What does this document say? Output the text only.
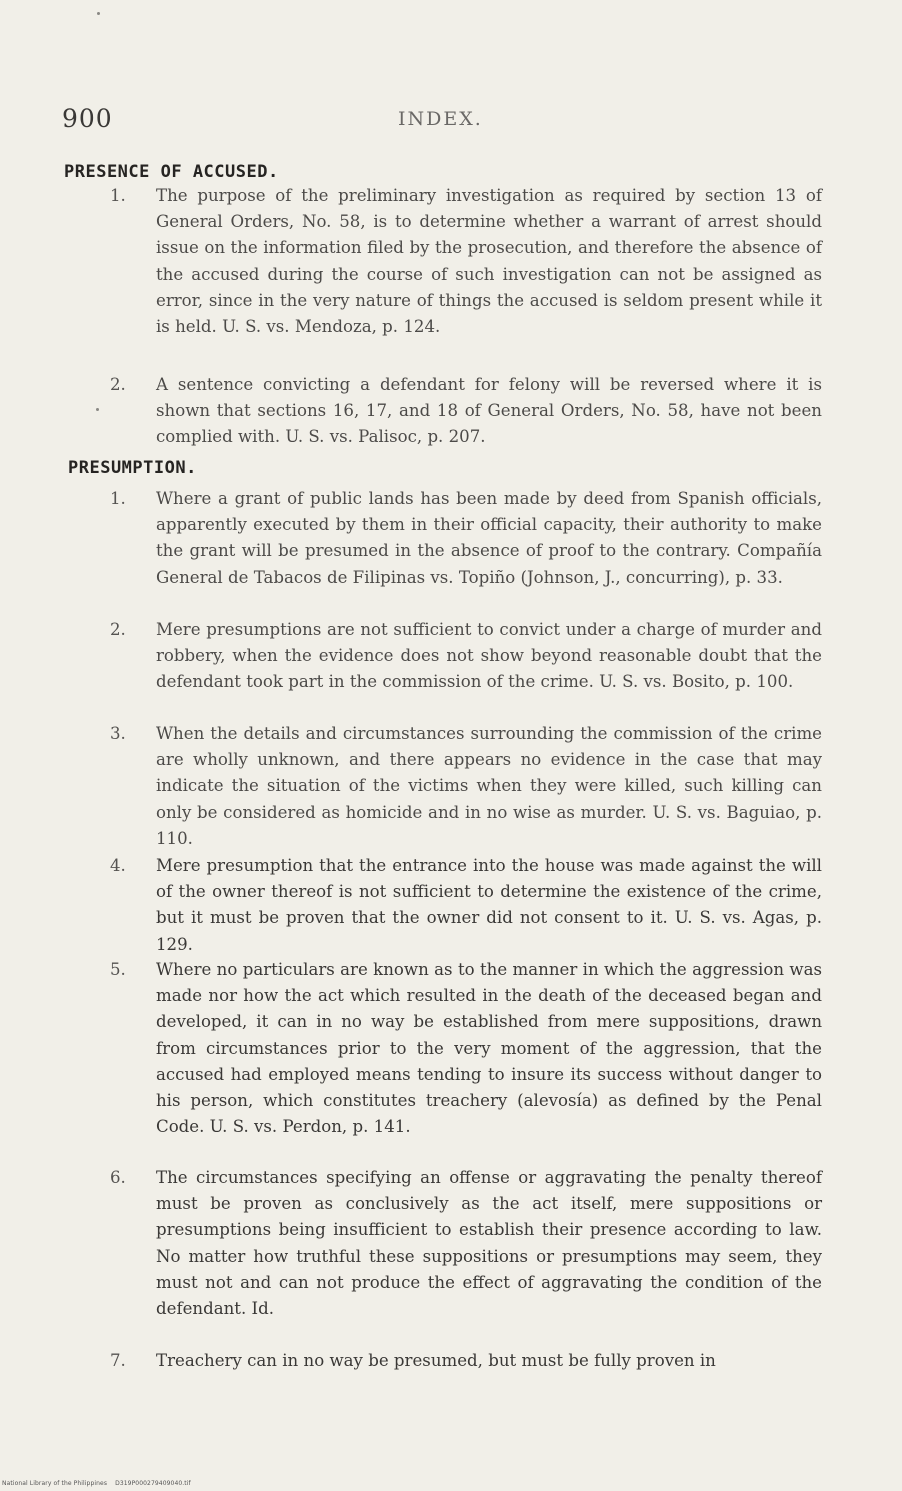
900	INDEX.
PRESENCE OF ACCUSED.
1. The purpose of the preliminary investigation as required by section 13 of General Orders, No. 58, is to determine whether a warrant of arrest should issue on the information filed by the prosecution, and therefore the absence of the accused during the course of such investigation can not be assigned as error, since in the very nature of things the accused is seldom present while it is held. U. S. vs. Mendoza, p. 124.
2. A sentence convicting a defendant for felony will be reversed where it is shown that sections 16, 17, and 18 of General Orders, No. 58, have not been complied with. U. S. vs. Palisoc, p. 207.
PRESUMPTION.
1. Where a grant of public lands has been made by deed from Spanish officials, apparently executed by them in their official capacity, their authority to make the grant will be presumed in the absence of proof to the contrary. Compañía General de Tabacos de Filipinas vs. Topiño (Johnson, J., concurring), p. 33.
2. Mere presumptions are not sufficient to convict under a charge of murder and robbery, when the evidence does not show beyond reasonable doubt that the defendant took part in the commission of the crime. U. S. vs. Bosito, p. 100.
3. When the details and circumstances surrounding the commission of the crime are wholly unknown, and there appears no evidence in the case that may indicate the situation of the victims when they were killed, such killing can only be considered as homicide and in no wise as murder. U. S. vs. Baguiao, p. 110.
4. Mere presumption that the entrance into the house was made against the will of the owner thereof is not sufficient to determine the existence of the crime, but it must be proven that the owner did not consent to it. U. S. vs. Agas, p. 129.
5. Where no particulars are known as to the manner in which the aggression was made nor how the act which resulted in the death of the deceased began and developed, it can in no way be established from mere suppositions, drawn from circumstances prior to the very moment of the aggression, that the accused had employed means tending to insure its success without danger to his person, which constitutes treachery (alevosía) as defined by the Penal Code. U. S. vs. Perdon, p. 141.
6. The circumstances specifying an offense or aggravating the penalty thereof must be proven as conclusively as the act itself, mere suppositions or presumptions being insufficient to establish their presence according to law. No matter how truthful these suppositions or presumptions may seem, they must not and can not produce the effect of aggravating the condition of the defendant. Id.
7. Treachery can in no way be presumed, but must be fully proven in
National Library of the Philippines D319P000279409040.tif
